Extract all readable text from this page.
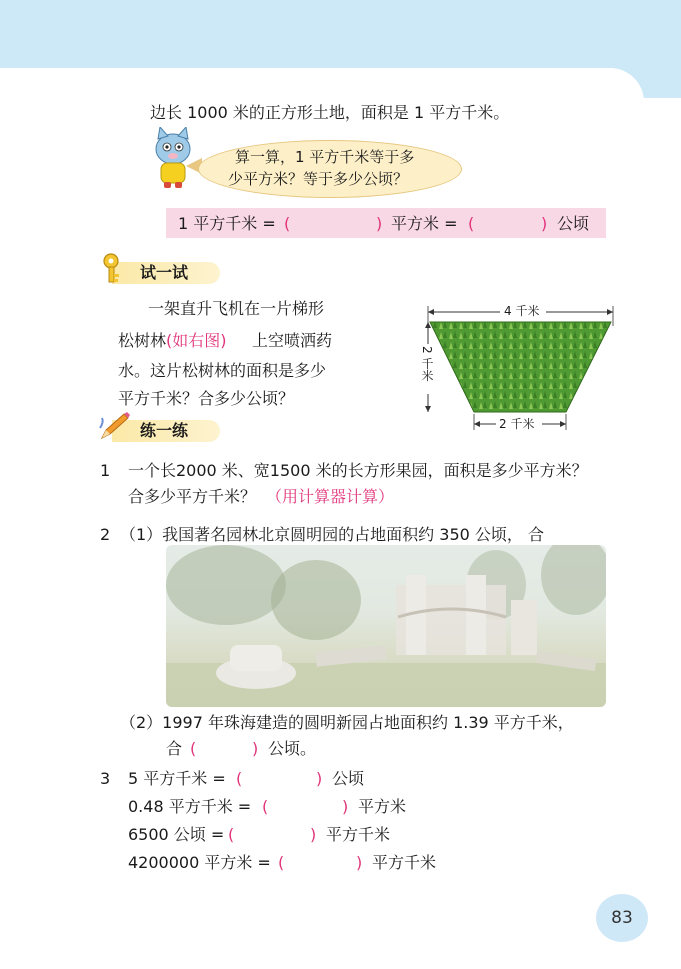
边长 1000 米的正方形土地，面积是 1 平方千米。
算一算，1 平方千米等于多
少平方米？等于多少公顷？
1 平方千米 = (	) 平方米 = (	) 公顷
试一试
一架直升飞机在一片梯形
松树林 (如右图) 上空喷洒药
水。这片松树林的面积是多少
平方千米？合多少公顷？
4 千米
2 千米
2 千米
练一练
1 一个长2000 米、宽1500 米的长方形果园，面积是多少平方米？
合多少平方千米？ （用计算器计算）
2 （1）我国著名园林北京圆明园的占地面积约 350 公顷， 合
（2）1997 年珠海建造的圆明新园占地面积约 1.39 平方千米，
合 (	) 公顷。
3 5 平方千米 = (	) 公顷
0.48 平方千米 = (	) 平方米
6500 公顷 = (	) 平方千米
4200000 平方米 = (	) 平方千米
83
